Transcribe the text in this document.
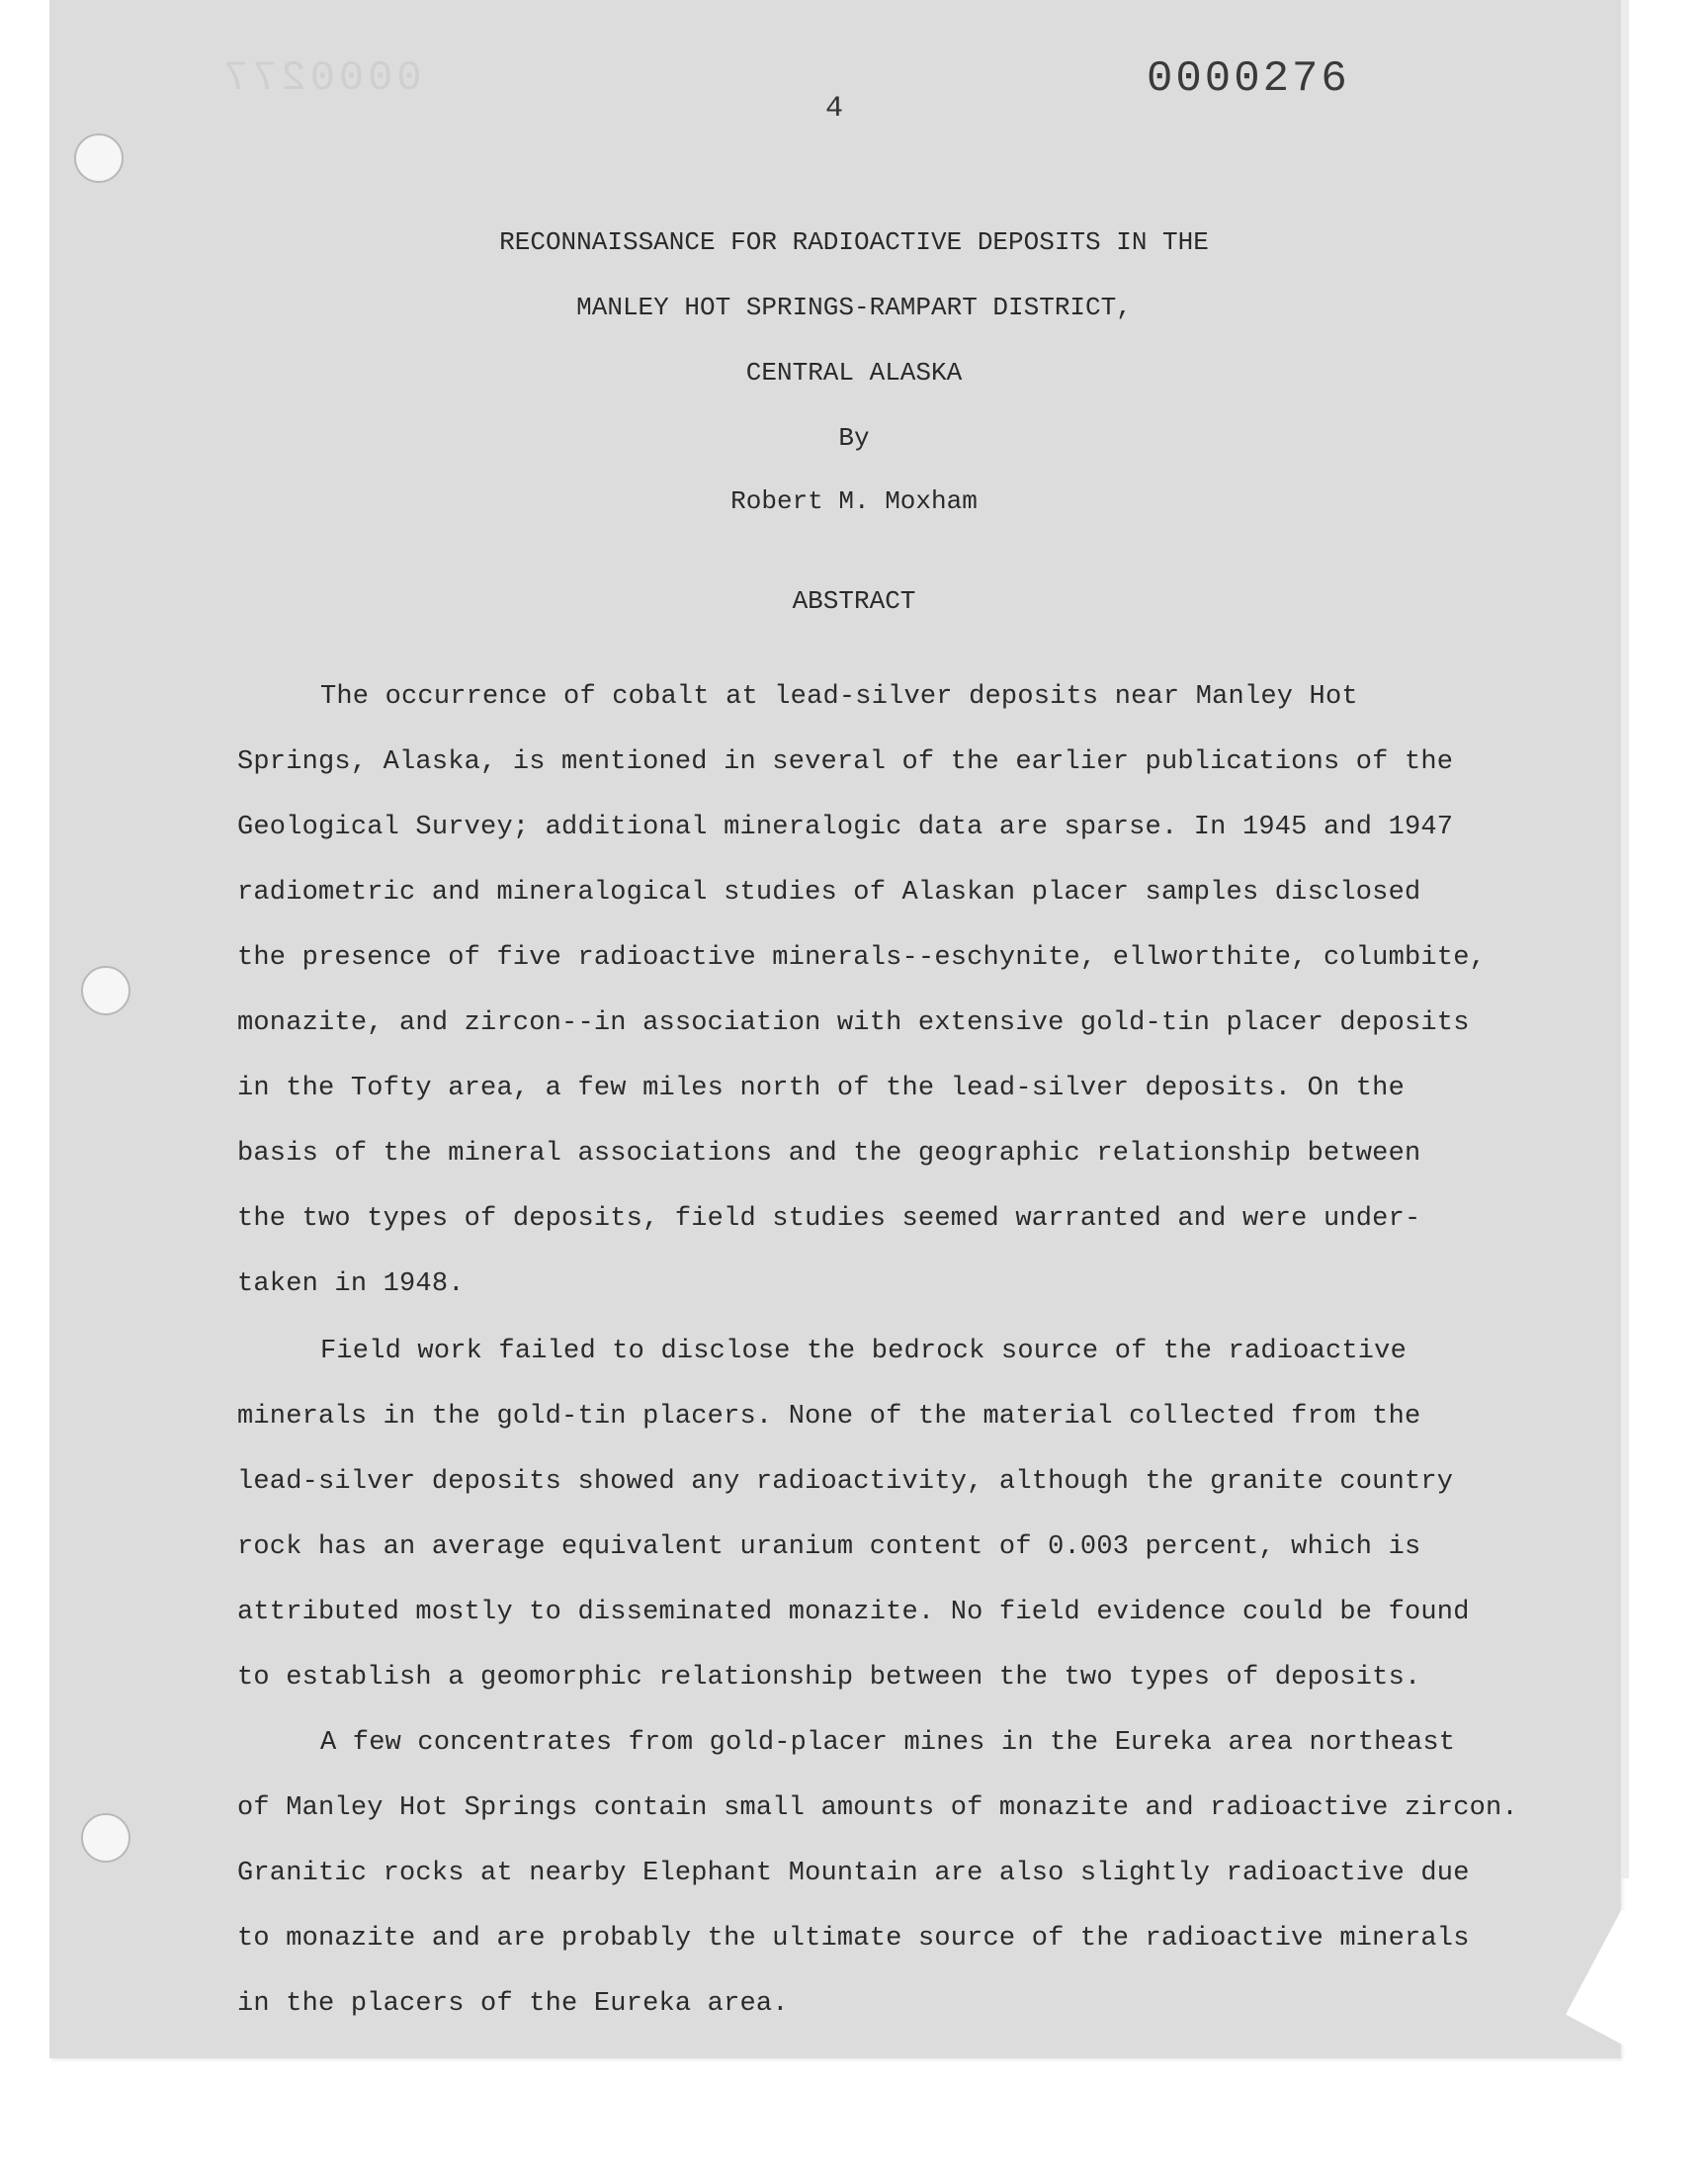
0000277	0000276
4
RECONNAISSANCE FOR RADIOACTIVE DEPOSITS IN THE
MANLEY HOT SPRINGS-RAMPART DISTRICT,
CENTRAL ALASKA
By
Robert M. Moxham
ABSTRACT
The occurrence of cobalt at lead-silver deposits near Manley Hot
Springs, Alaska, is mentioned in several of the earlier publications of the
Geological Survey; additional mineralogic data are sparse. In 1945 and 1947
radiometric and mineralogical studies of Alaskan placer samples disclosed
the presence of five radioactive minerals--eschynite, ellworthite, columbite,
monazite, and zircon--in association with extensive gold-tin placer deposits
in the Tofty area, a few miles north of the lead-silver deposits. On the
basis of the mineral associations and the geographic relationship between
the two types of deposits, field studies seemed warranted and were under-
taken in 1948.
Field work failed to disclose the bedrock source of the radioactive
minerals in the gold-tin placers. None of the material collected from the
lead-silver deposits showed any radioactivity, although the granite country
rock has an average equivalent uranium content of 0.003 percent, which is
attributed mostly to disseminated monazite. No field evidence could be found
to establish a geomorphic relationship between the two types of deposits.
A few concentrates from gold-placer mines in the Eureka area northeast
of Manley Hot Springs contain small amounts of monazite and radioactive zircon.
Granitic rocks at nearby Elephant Mountain are also slightly radioactive due
to monazite and are probably the ultimate source of the radioactive minerals
in the placers of the Eureka area.
